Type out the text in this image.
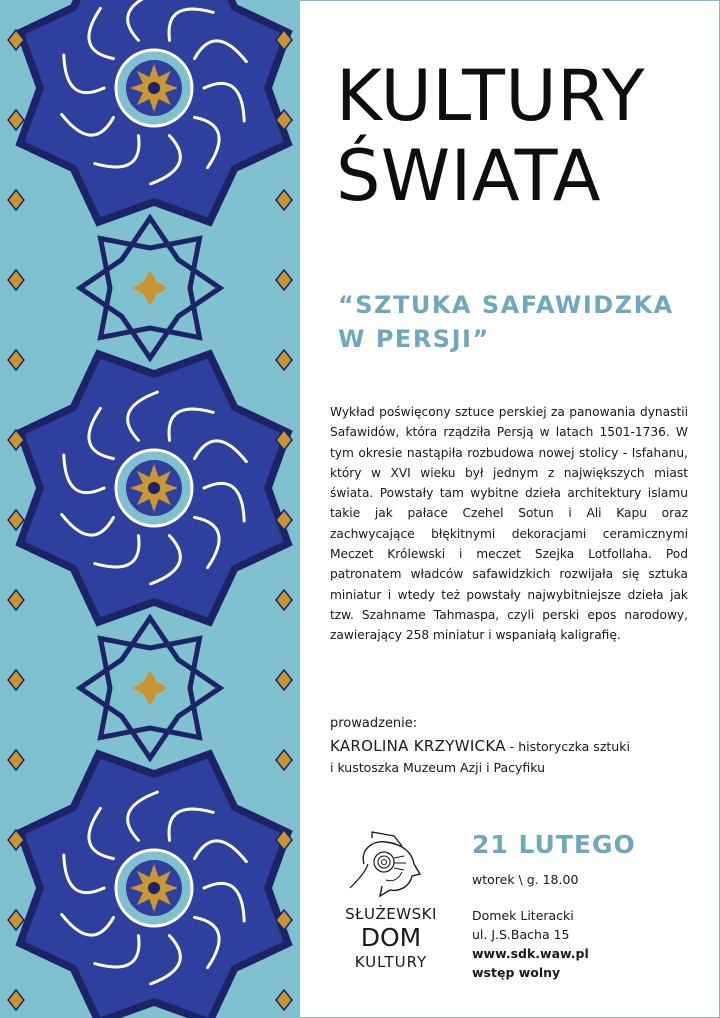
KULTURY
ŚWIATA
“SZTUKA SAFAWIDZKA
W PERSJI”

Wykład poświęcony sztuce perskiej za panowania dynastii Safawidów, która rządziła Persją w latach 1501-1736. W tym okresie nastąpiła rozbudowa nowej stolicy - Isfahanu, który w XVI wieku był jednym z największych miast świata. Powstały tam wybitne dzieła architektury islamu takie jak pałace Czehel Sotun i Ali Kapu oraz zachwycające błękitnymi dekoracjami ceramicznymi Meczet Królewski i meczet Szejka Lotfollaha. Pod patronatem władców safawidzkich rozwijała się sztuka miniatur i wtedy też powstały najwybitniejsze dzieła jak tzw. Szahname Tahmaspa, czyli perski epos narodowy, zawierający 258 miniatur i wspaniałą kaligrafię.

prowadzenie:
KAROLINA KRZYWICKA - historyczka sztuki
i kustoszka Muzeum Azji i Pacyfiku
SŁUŻEWSKI
DOM
KULTURY
21 LUTEGO
wtorek \ g. 18.00
Domek Literacki
ul. J.S.Bacha 15
www.sdk.waw.pl
wstęp wolny
